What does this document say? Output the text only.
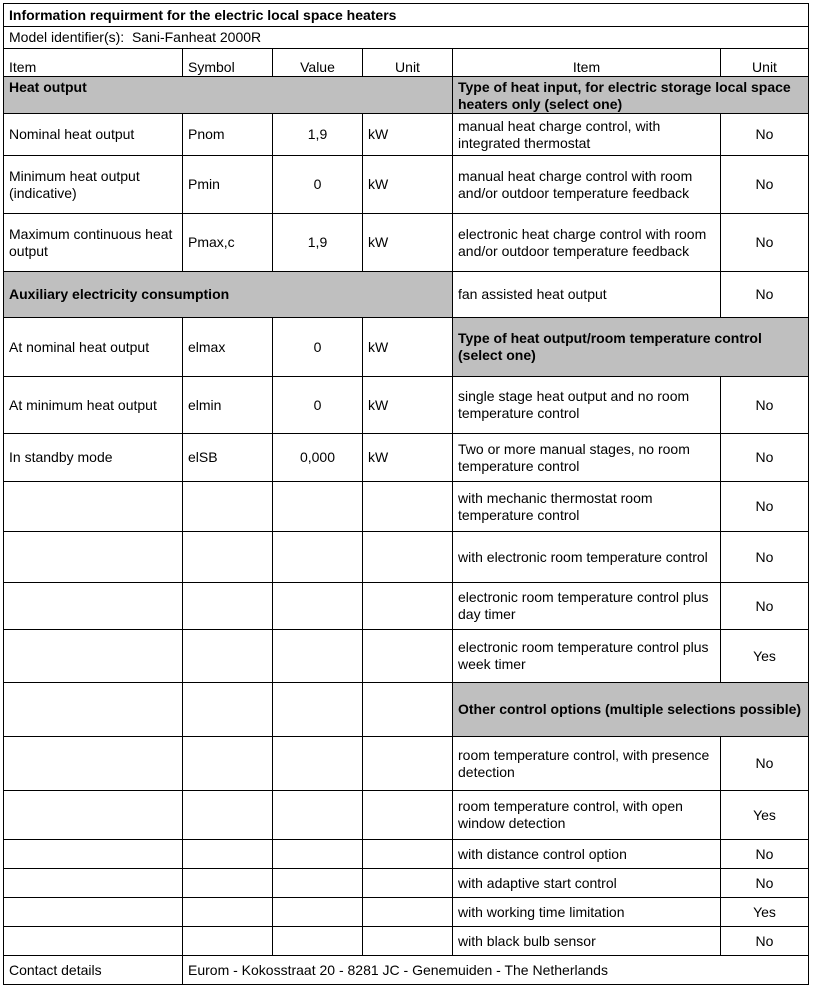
Information requirment for the electric local space heaters					
Model identifier(s): Sani-Fanheat 2000R					
Item	Symbol	Value	Unit	Item	Unit
Heat output				Type of heat input, for electric storage local space heaters only (select one)	
Nominal heat output	Pnom	1,9	kW	manual heat charge control, with integrated thermostat	No
Minimum heat output (indicative)	Pmin	0	kW	manual heat charge control with room and/or outdoor temperature feedback	No
Maximum continuous heat output	Pmax,c	1,9	kW	electronic heat charge control with room and/or outdoor temperature feedback	No
Auxiliary electricity consumption				fan assisted heat output	No
At nominal heat output	elmax	0	kW	Type of heat output/room temperature control (select one)	
At minimum heat output	elmin	0	kW	single stage heat output and no room temperature control	No
In standby mode	elSB	0,000	kW	Two or more manual stages, no room temperature control	No
				with mechanic thermostat room temperature control	No
				with electronic room temperature control	No
				electronic room temperature control plus day timer	No
				electronic room temperature control plus week timer	Yes
				Other control options (multiple selections possible)	
				room temperature control, with presence detection	No
				room temperature control, with open window detection	Yes
				with distance control option	No
				with adaptive start control	No
				with working time limitation	Yes
				with black bulb sensor	No
Contact details	Eurom - Kokosstraat 20 - 8281 JC - Genemuiden - The Netherlands				
